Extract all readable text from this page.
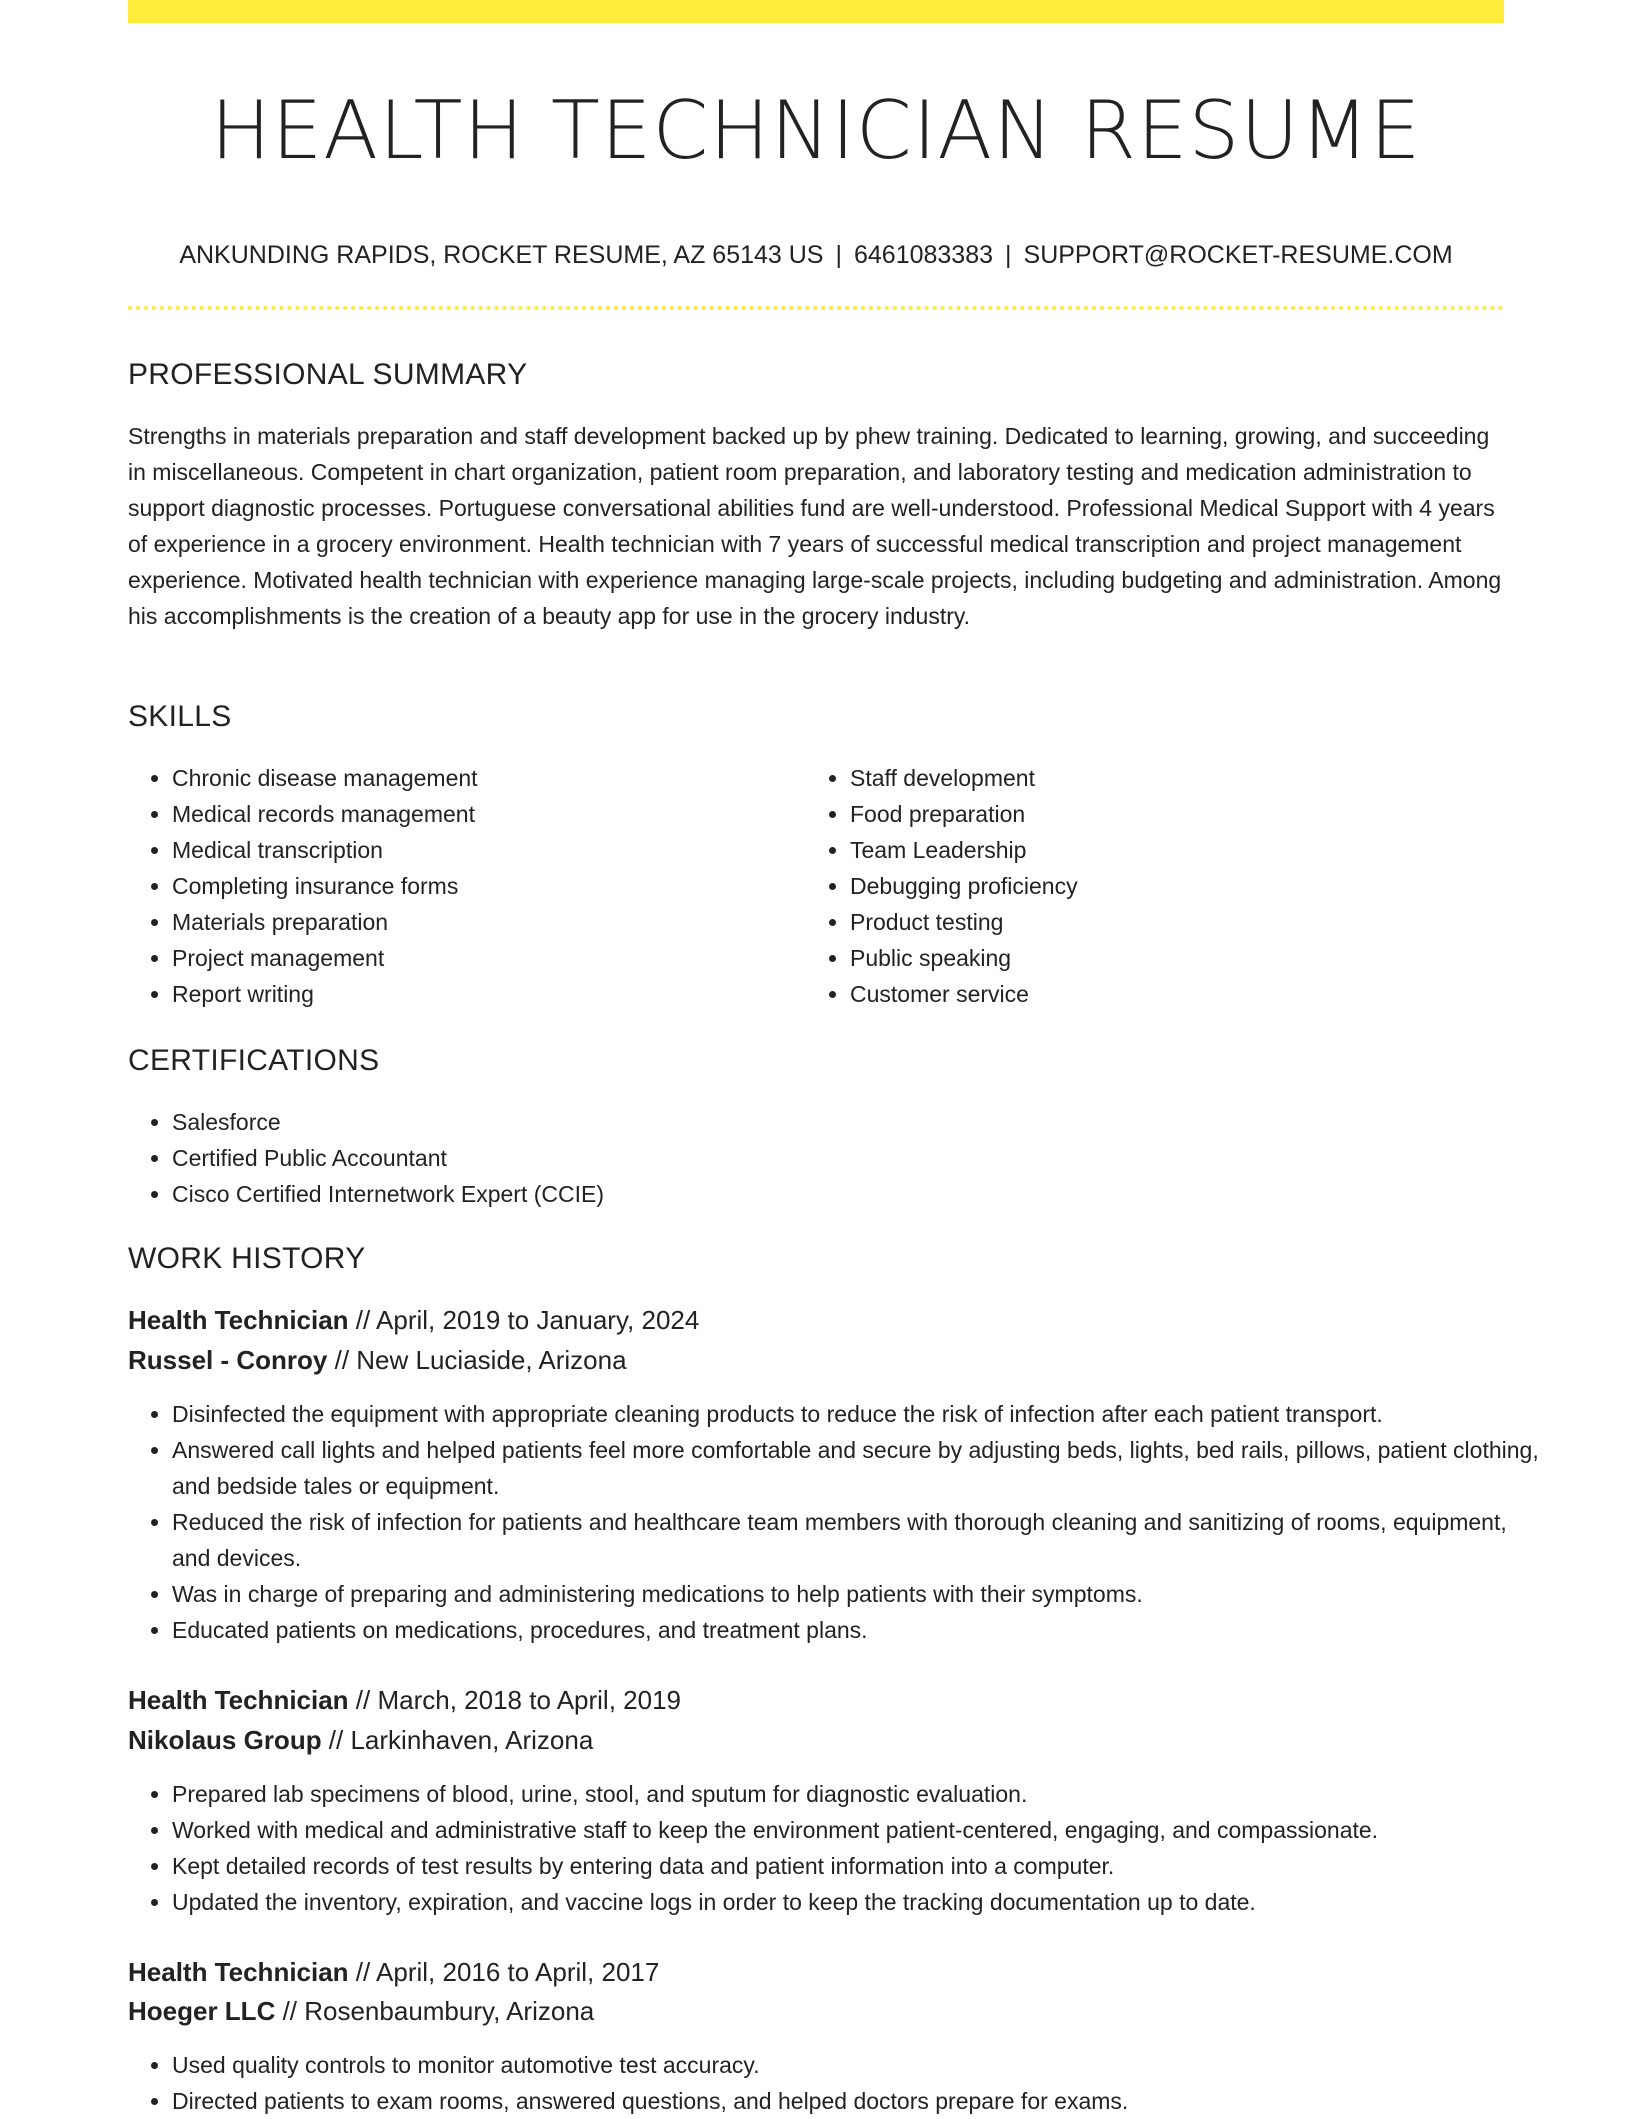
HEALTH TECHNICIAN RESUME
ANKUNDING RAPIDS, ROCKET RESUME, AZ 65143 US | 6461083383 | SUPPORT@ROCKET-RESUME.COM
PROFESSIONAL SUMMARY

Strengths in materials preparation and staff development backed up by phew training. Dedicated to learning, growing, and succeeding in miscellaneous. Competent in chart organization, patient room preparation, and laboratory testing and medication administration to support diagnostic processes. Portuguese conversational abilities fund are well-understood. Professional Medical Support with 4 years of experience in a grocery environment. Health technician with 7 years of successful medical transcription and project management experience. Motivated health technician with experience managing large-scale projects, including budgeting and administration. Among his accomplishments is the creation of a beauty app for use in the grocery industry.

SKILLS
• Chronic disease management
• Medical records management
• Medical transcription
• Completing insurance forms
• Materials preparation
• Project management
• Report writing
• Staff development
• Food preparation
• Team Leadership
• Debugging proficiency
• Product testing
• Public speaking
• Customer service
CERTIFICATIONS
• Salesforce
• Certified Public Accountant
• Cisco Certified Internetwork Expert (CCIE)
WORK HISTORY
Health Technician // April, 2019 to January, 2024
Russel - Conroy // New Luciaside, Arizona
• Disinfected the equipment with appropriate cleaning products to reduce the risk of infection after each patient transport.
• Answered call lights and helped patients feel more comfortable and secure by adjusting beds, lights, bed rails, pillows, patient clothing, and bedside tales or equipment.
• Reduced the risk of infection for patients and healthcare team members with thorough cleaning and sanitizing of rooms, equipment, and devices.
• Was in charge of preparing and administering medications to help patients with their symptoms.
• Educated patients on medications, procedures, and treatment plans.
Health Technician // March, 2018 to April, 2019
Nikolaus Group // Larkinhaven, Arizona
• Prepared lab specimens of blood, urine, stool, and sputum for diagnostic evaluation.
• Worked with medical and administrative staff to keep the environment patient-centered, engaging, and compassionate.
• Kept detailed records of test results by entering data and patient information into a computer.
• Updated the inventory, expiration, and vaccine logs in order to keep the tracking documentation up to date.
Health Technician // April, 2016 to April, 2017
Hoeger LLC // Rosenbaumbury, Arizona
• Used quality controls to monitor automotive test accuracy.
• Directed patients to exam rooms, answered questions, and helped doctors prepare for exams.
